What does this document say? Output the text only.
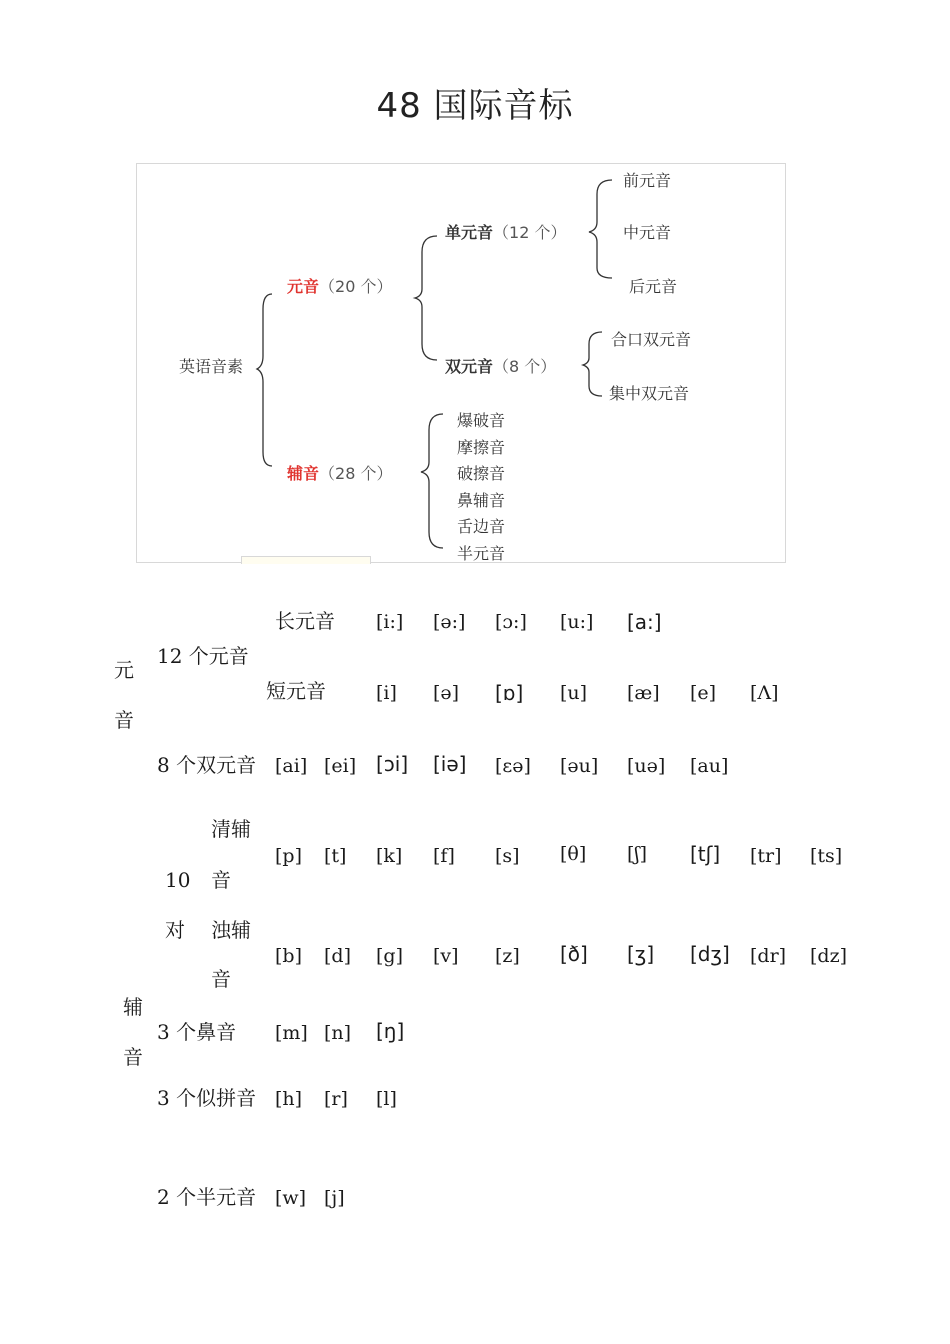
48 国际音标
英语音素
元音（20 个）
辅音（28 个）
单元音（12 个）
双元音（8 个）
前元音
中元音
后元音
合口双元音
集中双元音
爆破音
摩擦音
破擦音
鼻辅音
舌边音
半元音
元
音
12 个元音
长元音 [i:] [ә:] [ɔ:] [u:] [a:]
短元音	[i] [ә] [ɒ] [u] [æ] [e] [Λ]
8 个双元音 [ai] [ei] [ɔi] [iə] [εә] [әu] [uə] [au]
10
对
清辅
音
[p] [t] [k] [f] [s] [θ] [ʃ] [tʃ] [tr] [ts]
浊辅
音
[b] [d] [g] [v] [z] [ð] [ʒ] [dʒ] [dr] [dz]
辅
音
3 个鼻音 [m] [n] [ŋ]
3 个似拼音 [h] [r] [l]
2 个半元音 [w] [j]
